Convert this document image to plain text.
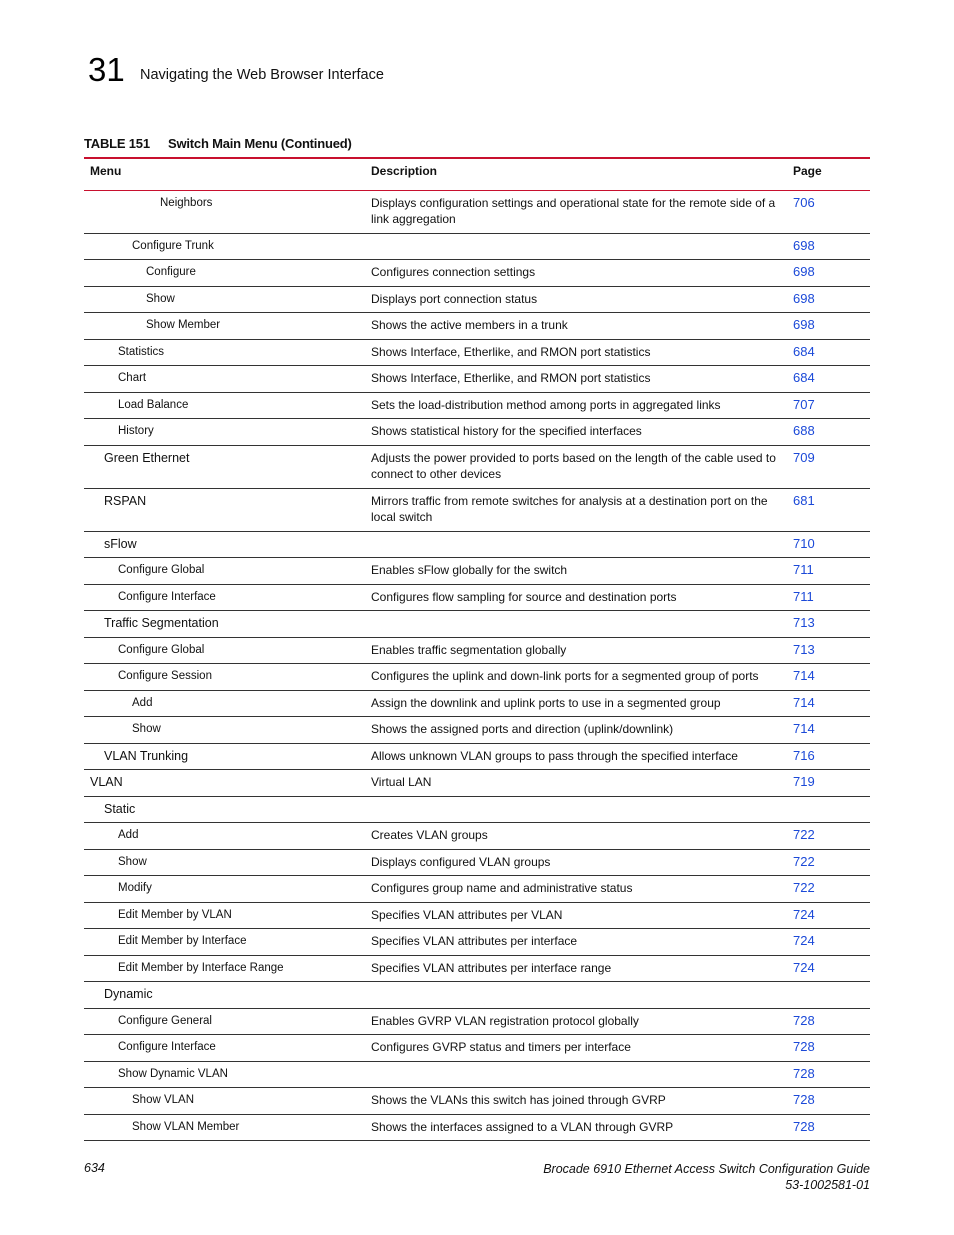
31 Navigating the Web Browser Interface
TABLE 151 Switch Main Menu (Continued)
Menu	Description	Page
Neighbors	Displays configuration settings and operational state for the remote side of a link aggregation	706
Configure Trunk		698
Configure	Configures connection settings	698
Show	Displays port connection status	698
Show Member	Shows the active members in a trunk	698
Statistics	Shows Interface, Etherlike, and RMON port statistics	684
Chart	Shows Interface, Etherlike, and RMON port statistics	684
Load Balance	Sets the load-distribution method among ports in aggregated links	707
History	Shows statistical history for the specified interfaces	688
Green Ethernet	Adjusts the power provided to ports based on the length of the cable used to connect to other devices	709
RSPAN	Mirrors traffic from remote switches for analysis at a destination port on the local switch	681
sFlow		710
Configure Global	Enables sFlow globally for the switch	711
Configure Interface	Configures flow sampling for source and destination ports	711
Traffic Segmentation		713
Configure Global	Enables traffic segmentation globally	713
Configure Session	Configures the uplink and down-link ports for a segmented group of ports	714
Add	Assign the downlink and uplink ports to use in a segmented group	714
Show	Shows the assigned ports and direction (uplink/downlink)	714
VLAN Trunking	Allows unknown VLAN groups to pass through the specified interface	716
VLAN	Virtual LAN	719
Static		
Add	Creates VLAN groups	722
Show	Displays configured VLAN groups	722
Modify	Configures group name and administrative status	722
Edit Member by VLAN	Specifies VLAN attributes per VLAN	724
Edit Member by Interface	Specifies VLAN attributes per interface	724
Edit Member by Interface Range	Specifies VLAN attributes per interface range	724
Dynamic		
Configure General	Enables GVRP VLAN registration protocol globally	728
Configure Interface	Configures GVRP status and timers per interface	728
Show Dynamic VLAN		728
Show VLAN	Shows the VLANs this switch has joined through GVRP	728
Show VLAN Member	Shows the interfaces assigned to a VLAN through GVRP	728
634	Brocade 6910 Ethernet Access Switch Configuration Guide
53-1002581-01
